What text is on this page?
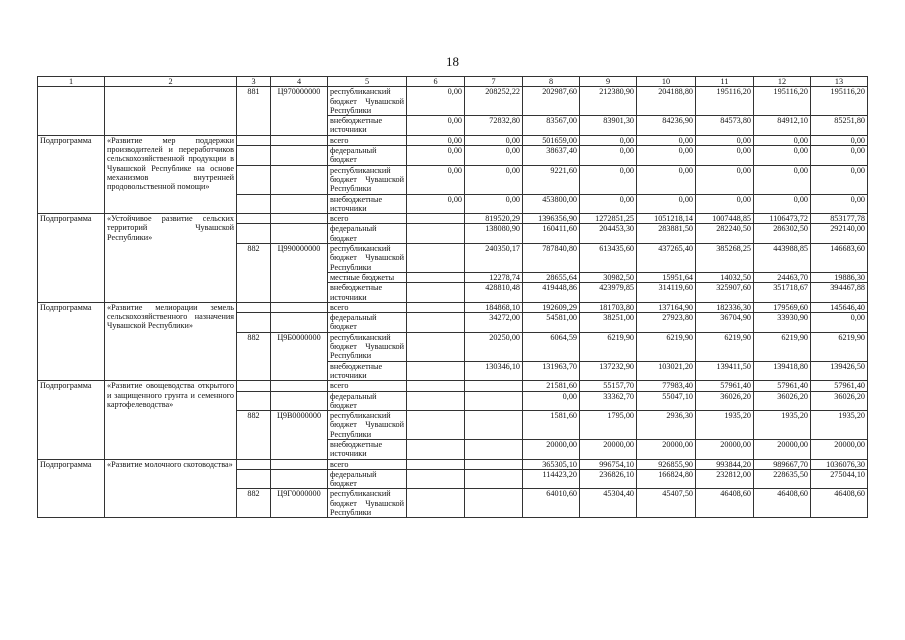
18
1	2	3	4	5	6	7	8	9	10	11	12	13
		881	Ц970000000	республиканский бюджет Чувашской Республики	0,00	208252,22	202987,60	212380,90	204188,80	195116,20	195116,20	195116,20
				внебюджетные источники	0,00	72832,80	83567,00	83901,30	84236,90	84573,80	84912,10	85251,80
Подпрограмма	«Развитие мер поддержки производителей и переработчиков сельскохозяйственной продукции в Чувашской Республике на основе механизмов внутренней продовольственной помощи»			всего	0,00	0,00	501659,00	0,00	0,00	0,00	0,00	0,00
				федеральный бюджет	0,00	0,00	38637,40	0,00	0,00	0,00	0,00	0,00
				республиканский бюджет Чувашской Республики	0,00	0,00	9221,60	0,00	0,00	0,00	0,00	0,00
				внебюджетные источники	0,00	0,00	453800,00	0,00	0,00	0,00	0,00	0,00
Подпрограмма	«Устойчивое развитие сельских территорий Чувашской Республики»			всего		819520,29	1396356,90	1272851,25	1051218,14	1007448,85	1106473,72	853177,78
				федеральный бюджет		138080,90	160411,60	204453,30	283881,50	282240,50	286302,50	292140,00
		882	Ц990000000	республиканский бюджет Чувашской Республики		240350,17	787840,80	613435,60	437265,40	385268,25	443988,85	146683,60
				местные бюджеты		12278,74	28655,64	30982,50	15951,64	14032,50	24463,70	19886,30
				внебюджетные источники		428810,48	419448,86	423979,85	314119,60	325907,60	351718,67	394467,88
Подпрограмма	«Развитие мелиорации земель сельскохозяйственного назначения Чувашской Республики»			всего		184868,10	192609,29	181703,80	137164,90	182336,30	179569,60	145646,40
				федеральный бюджет		34272,00	54581,00	38251,00	27923,80	36704,90	33930,90	0,00
		882	Ц9Б0000000	республиканский бюджет Чувашской Республики		20250,00	6064,59	6219,90	6219,90	6219,90	6219,90	6219,90
				внебюджетные источники		130346,10	131963,70	137232,90	103021,20	139411,50	139418,80	139426,50
Подпрограмма	«Развитие овощеводства открытого и защищенного грунта и семенного картофелеводства»			всего			21581,60	55157,70	77983,40	57961,40	57961,40	57961,40
				федеральный бюджет			0,00	33362,70	55047,10	36026,20	36026,20	36026,20
		882	Ц9В0000000	республиканский бюджет Чувашской Республики			1581,60	1795,00	2936,30	1935,20	1935,20	1935,20
				внебюджетные источники			20000,00	20000,00	20000,00	20000,00	20000,00	20000,00
Подпрограмма	«Развитие молочного скотоводства»			всего			365305,10	996754,10	926855,90	993844,20	989667,70	1036076,30
				федеральный бюджет			114423,20	236826,10	166824,80	232812,00	228635,50	275044,10
		882	Ц9Г0000000	республиканский бюджет Чувашской Республики			64010,60	45304,40	45407,50	46408,60	46408,60	46408,60
